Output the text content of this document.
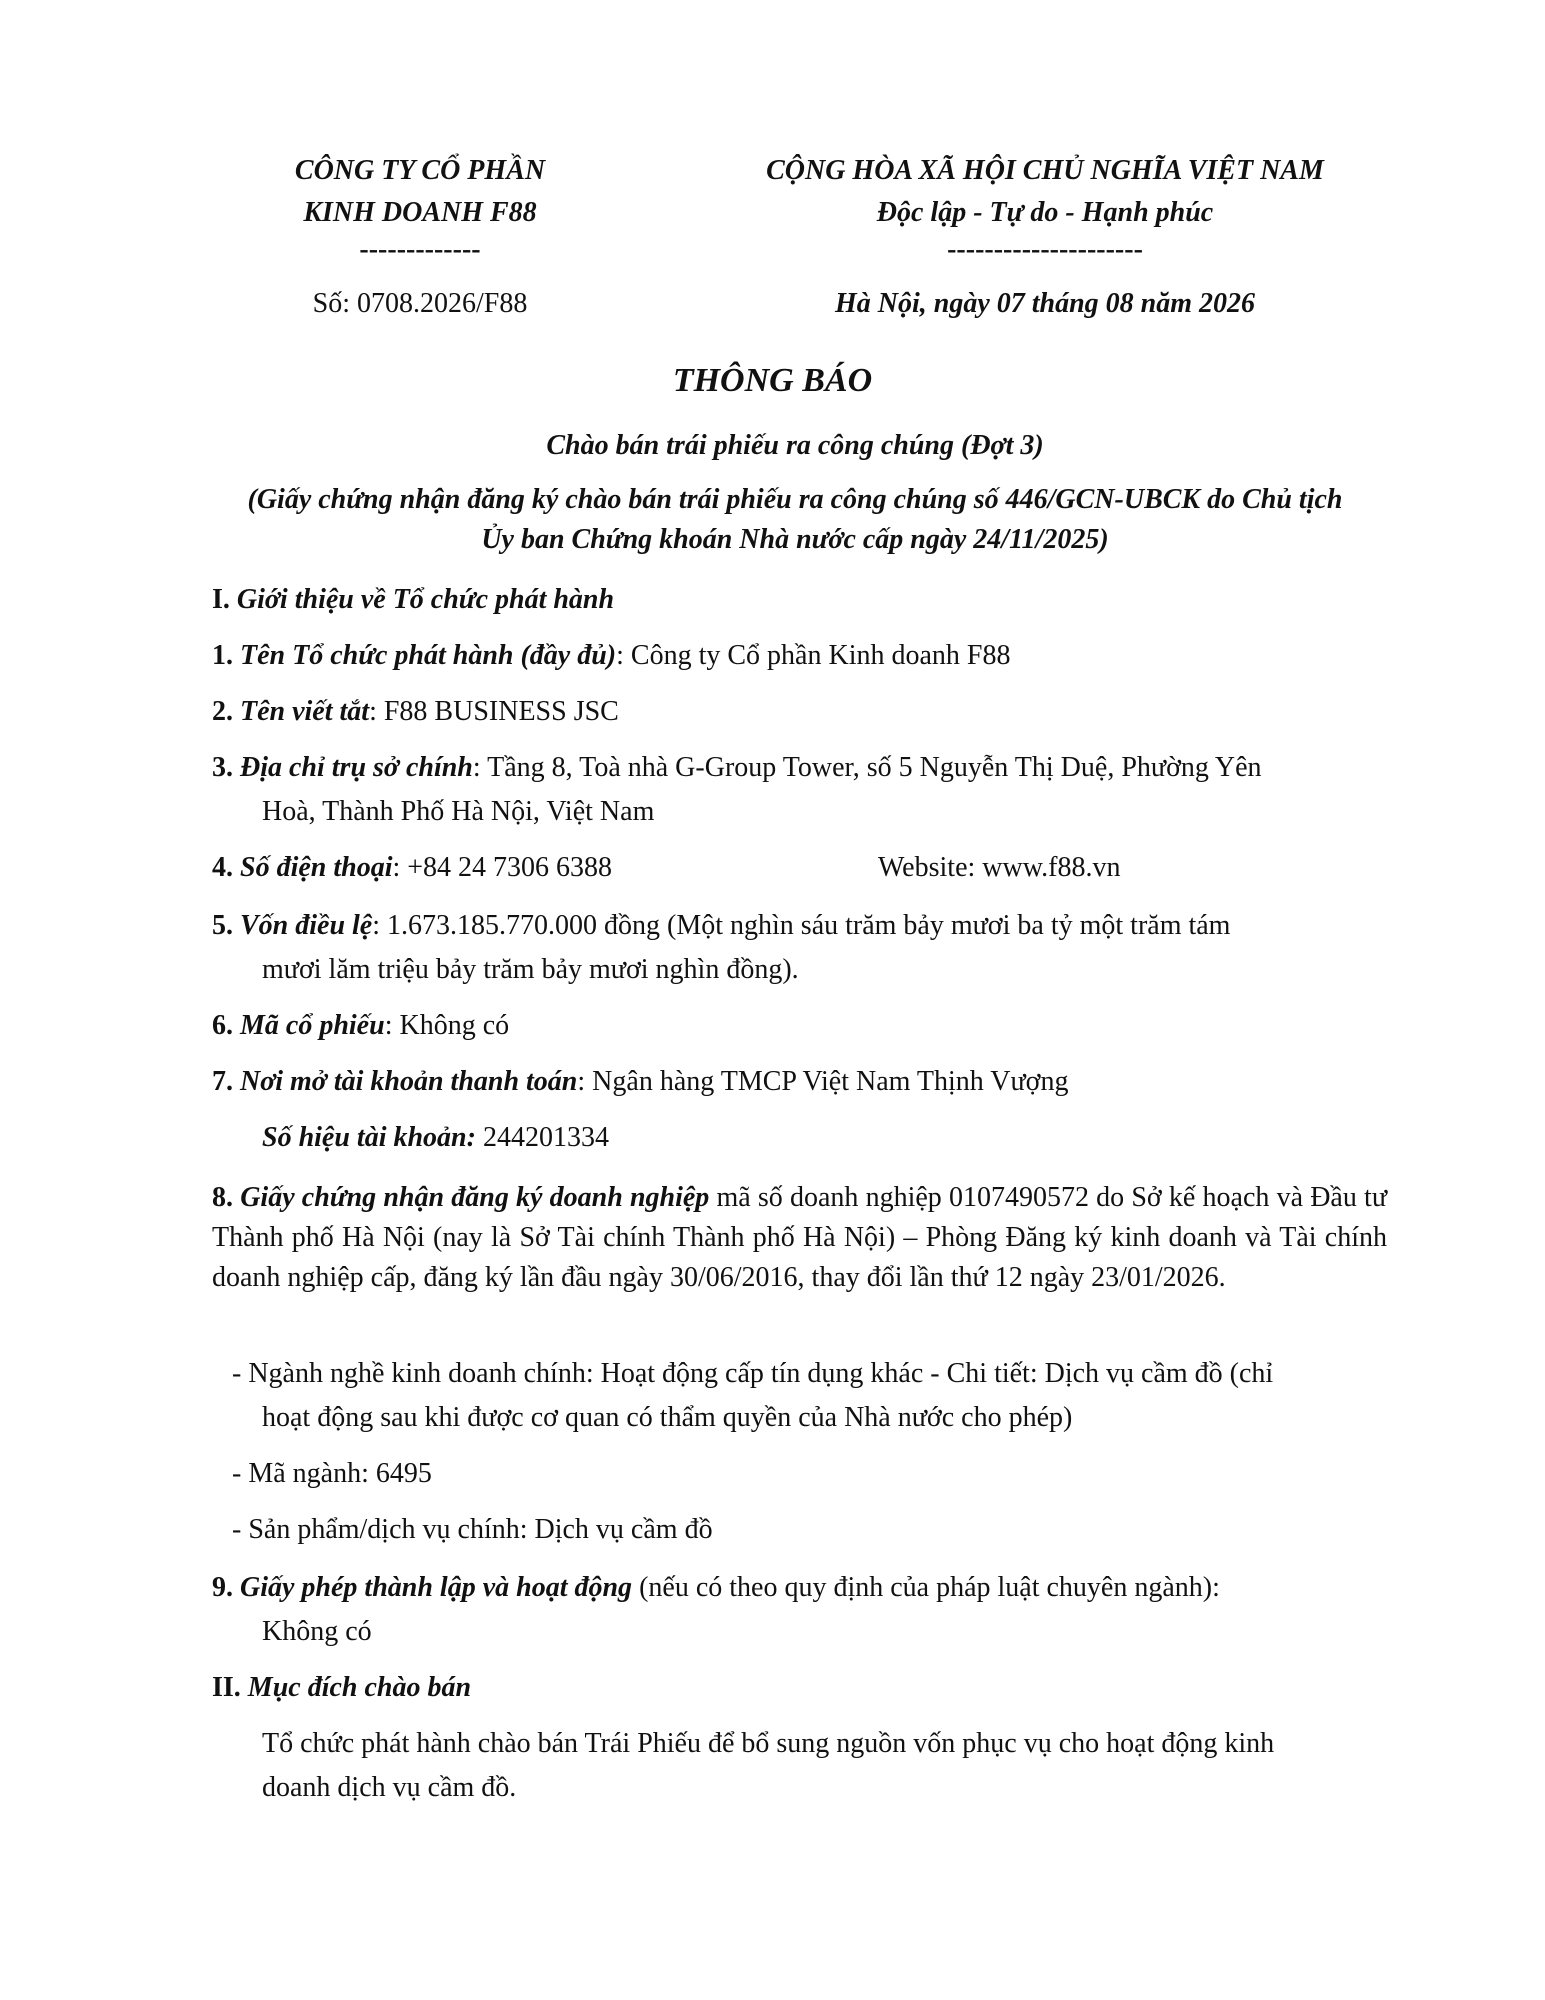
CÔNG TY CỔ PHẦN
KINH DOANH F88
-------------
Số: 0708.2026/F88
CỘNG HÒA XÃ HỘI CHỦ NGHĨA VIỆT NAM
Độc lập - Tự do - Hạnh phúc
---------------------
Hà Nội, ngày 07 tháng 08 năm 2026
THÔNG BÁO
Chào bán trái phiếu ra công chúng (Đợt 3)
(Giấy chứng nhận đăng ký chào bán trái phiếu ra công chúng số 446/GCN-UBCK do Chủ tịch
Ủy ban Chứng khoán Nhà nước cấp ngày 24/11/2025)
I. Giới thiệu về Tổ chức phát hành
1. Tên Tổ chức phát hành (đầy đủ): Công ty Cổ phần Kinh doanh F88
2. Tên viết tắt: F88 BUSINESS JSC
3. Địa chỉ trụ sở chính: Tầng 8, Toà nhà G-Group Tower, số 5 Nguyễn Thị Duệ, Phường Yên
Hoà, Thành Phố Hà Nội, Việt Nam
4. Số điện thoại: +84 24 7306 6388	Website: www.f88.vn
5. Vốn điều lệ: 1.673.185.770.000 đồng (Một nghìn sáu trăm bảy mươi ba tỷ một trăm tám
mươi lăm triệu bảy trăm bảy mươi nghìn đồng).
6. Mã cổ phiếu: Không có
7. Nơi mở tài khoản thanh toán: Ngân hàng TMCP Việt Nam Thịnh Vượng
Số hiệu tài khoản: 244201334
8. Giấy chứng nhận đăng ký doanh nghiệp mã số doanh nghiệp 0107490572 do Sở kế hoạch và Đầu tư Thành phố Hà Nội (nay là Sở Tài chính Thành phố Hà Nội) – Phòng Đăng ký kinh doanh và Tài chính doanh nghiệp cấp, đăng ký lần đầu ngày 30/06/2016, thay đổi lần thứ 12 ngày 23/01/2026.
- Ngành nghề kinh doanh chính: Hoạt động cấp tín dụng khác - Chi tiết: Dịch vụ cầm đồ (chỉ
hoạt động sau khi được cơ quan có thẩm quyền của Nhà nước cho phép)
- Mã ngành: 6495
- Sản phẩm/dịch vụ chính: Dịch vụ cầm đồ
9. Giấy phép thành lập và hoạt động (nếu có theo quy định của pháp luật chuyên ngành):
Không có
II. Mục đích chào bán
Tổ chức phát hành chào bán Trái Phiếu để bổ sung nguồn vốn phục vụ cho hoạt động kinh
doanh dịch vụ cầm đồ.
